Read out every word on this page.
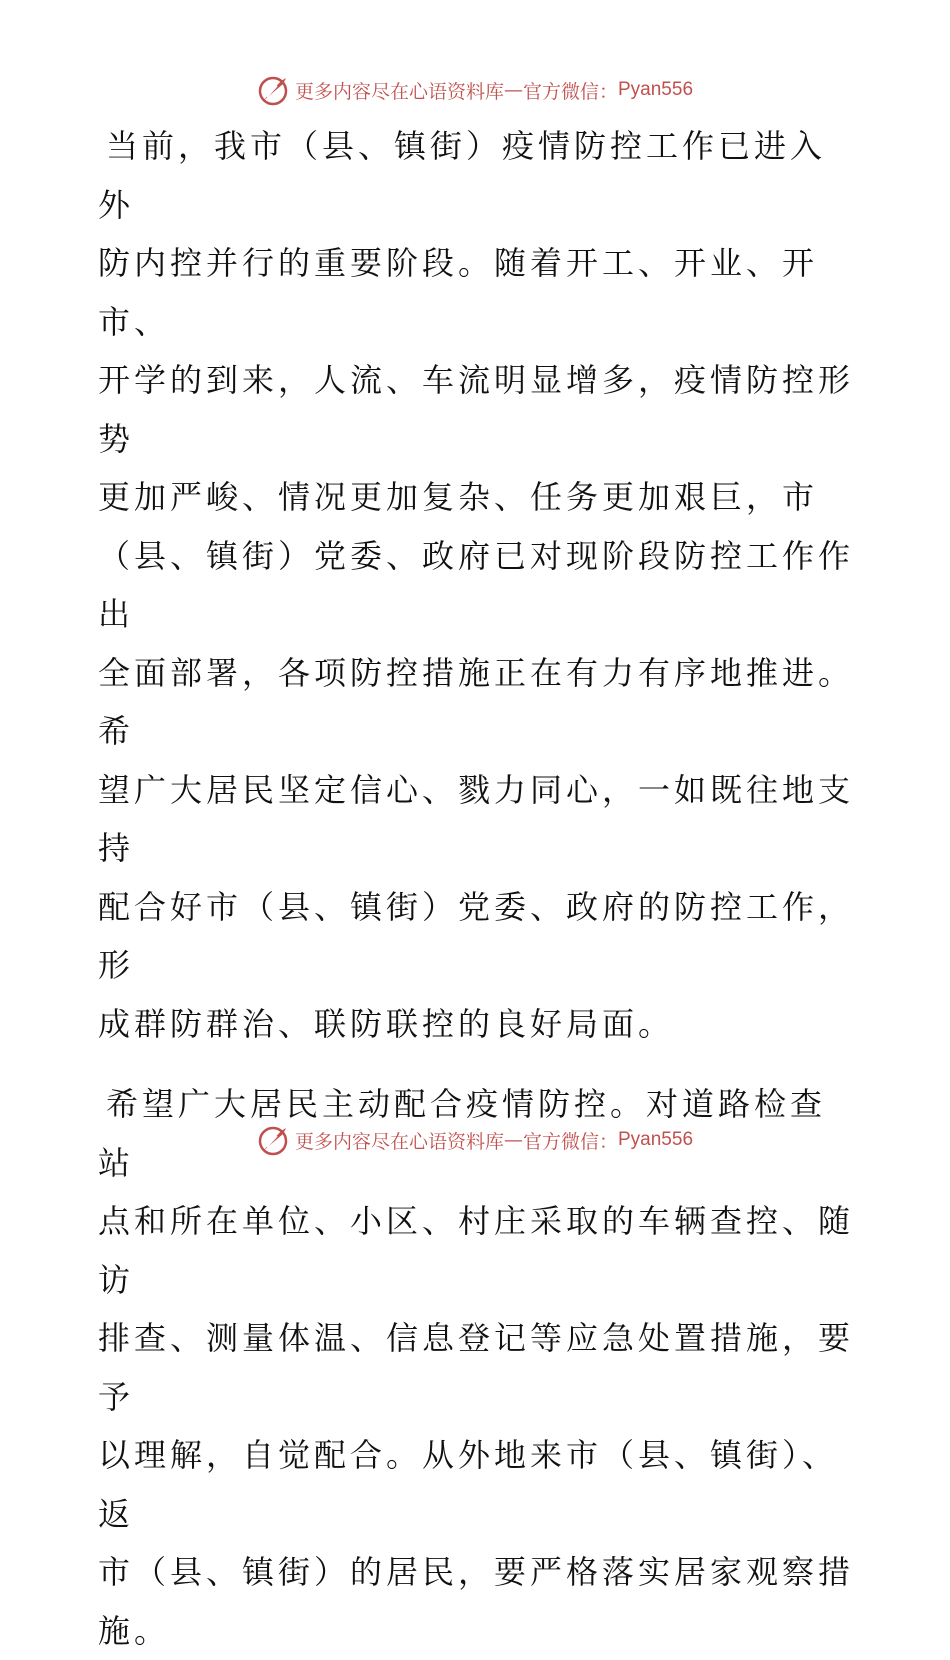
更多内容尽在心语资料库 — 官方微信： Pyan556

当前，我市（县、镇街）疫情防控工作已进入外
防内控并行的重要阶段。随着开工、开业、开市、
开学的到来，人流、车流明显增多，疫情防控形势
更加严峻、情况更加复杂、任务更加艰巨，市
（县、镇街）党委、政府已对现阶段防控工作作出
全面部署，各项防控措施正在有力有序地推进。希
望广大居民坚定信心、戮力同心，一如既往地支持
配合好市（县、镇街）党委、政府的防控工作，形
成群防群治、联防联控的良好局面。

希望广大居民主动配合疫情防控。对道路检查站
点和所在单位、小区、村庄采取的车辆查控、随访
排查、测量体温、信息登记等应急处置措施，要予
以理解，自觉配合。从外地来市（县、镇街）、返
市（县、镇街）的居民，要严格落实居家观察措
施。

更多内容尽在心语资料库 — 官方微信： Pyan556
